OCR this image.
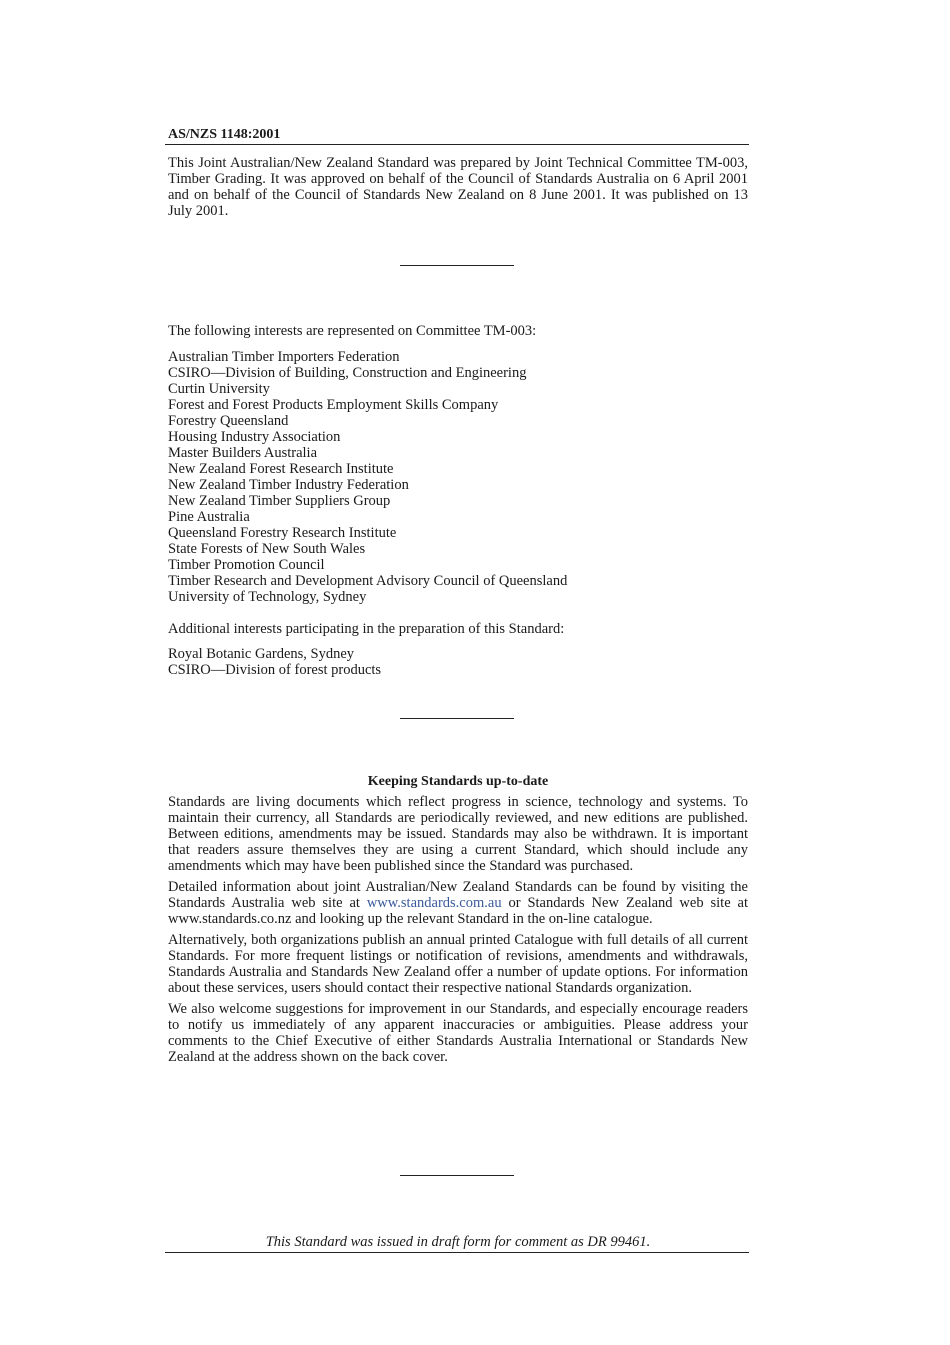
AS/NZS 1148:2001

This Joint Australian/New Zealand Standard was prepared by Joint Technical Committee TM-003, Timber Grading. It was approved on behalf of the Council of Standards Australia on 6 April 2001 and on behalf of the Council of Standards New Zealand on 8 June 2001. It was published on 13 July 2001.

The following interests are represented on Committee TM-003:

Australian Timber Importers Federation
CSIRO—Division of Building, Construction and Engineering
Curtin University
Forest and Forest Products Employment Skills Company
Forestry Queensland
Housing Industry Association
Master Builders Australia
New Zealand Forest Research Institute
New Zealand Timber Industry Federation
New Zealand Timber Suppliers Group
Pine Australia
Queensland Forestry Research Institute
State Forests of New South Wales
Timber Promotion Council
Timber Research and Development Advisory Council of Queensland
University of Technology, Sydney

Additional interests participating in the preparation of this Standard:

Royal Botanic Gardens, Sydney
CSIRO—Division of forest products
Keeping Standards up-to-date

Standards are living documents which reflect progress in science, technology and systems. To maintain their currency, all Standards are periodically reviewed, and new editions are published. Between editions, amendments may be issued. Standards may also be withdrawn. It is important that readers assure themselves they are using a current Standard, which should include any amendments which may have been published since the Standard was purchased.

Detailed information about joint Australian/New Zealand Standards can be found by visiting the Standards Australia web site at www.standards.com.au or Standards New Zealand web site at www.standards.co.nz and looking up the relevant Standard in the on-line catalogue.

Alternatively, both organizations publish an annual printed Catalogue with full details of all current Standards. For more frequent listings or notification of revisions, amendments and withdrawals, Standards Australia and Standards New Zealand offer a number of update options. For information about these services, users should contact their respective national Standards organization.

We also welcome suggestions for improvement in our Standards, and especially encourage readers to notify us immediately of any apparent inaccuracies or ambiguities. Please address your comments to the Chief Executive of either Standards Australia International or Standards New Zealand at the address shown on the back cover.

This Standard was issued in draft form for comment as DR 99461.
